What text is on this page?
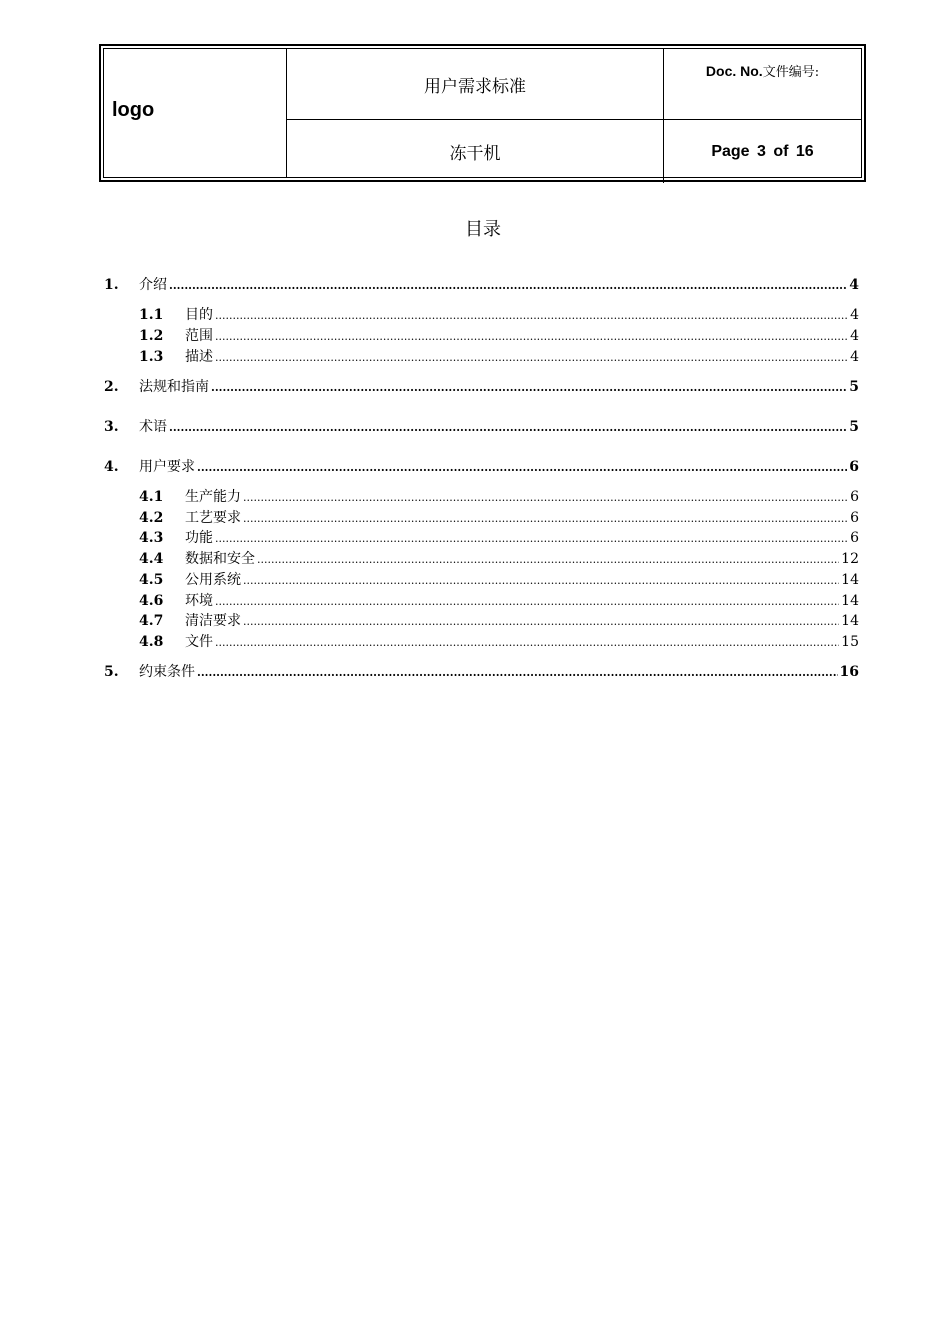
logo
用户需求标准
冻干机
Doc. No.文件编号:
Page 3 of 16
目录
1.	介绍 .....	4
1.1	目的 .....	4
1.2	范围 .....	4
1.3	描述 .....	4
2.	法规和指南 .....	5
3.	术语 .....	5
4.	用户要求 .....	6
4.1	生产能力 .....	6
4.2	工艺要求 .....	6
4.3	功能 .....	6
4.4	数据和安全 .....	12
4.5	公用系统 .....	14
4.6	环境 .....	14
4.7	清洁要求 .....	14
4.8	文件 .....	15
5.	约束条件 .....	16
